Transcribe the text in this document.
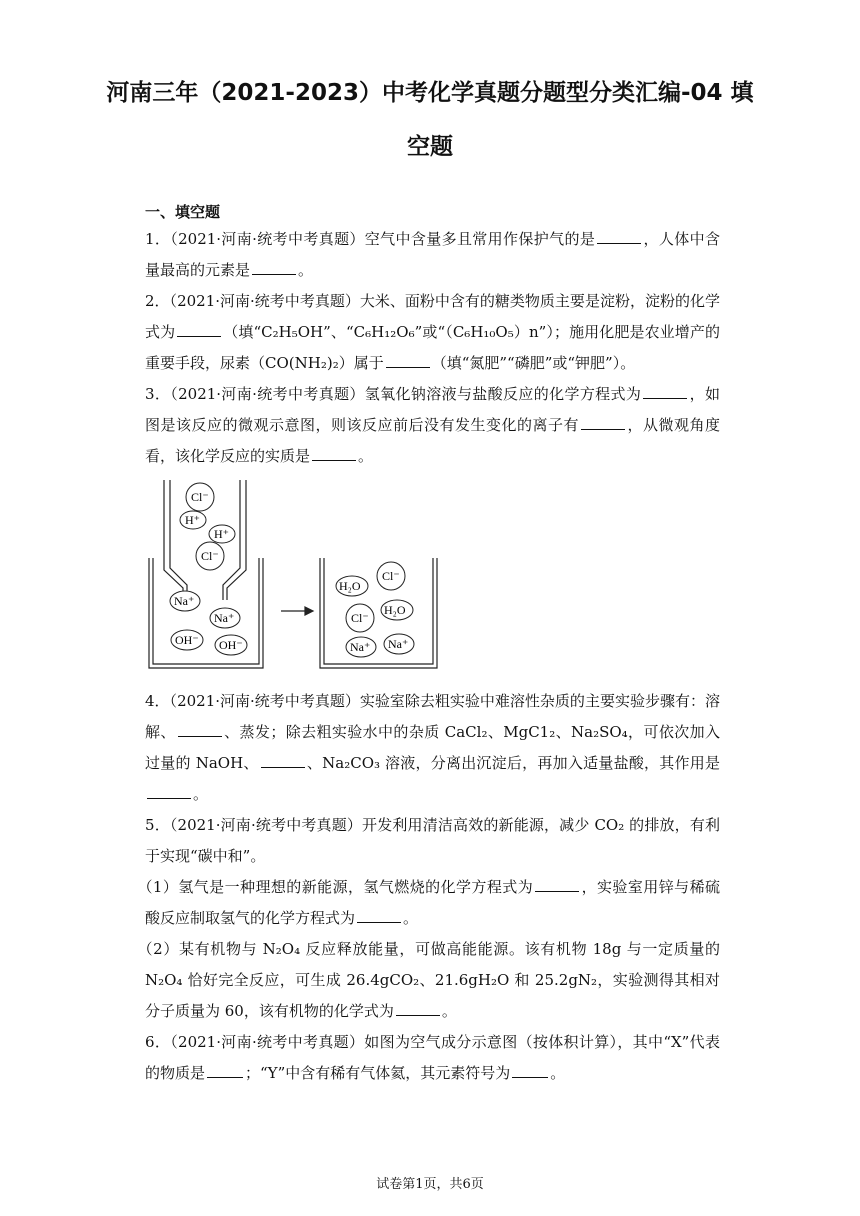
河南三年（2021-2023）中考化学真题分题型分类汇编-04 填
空题
一、填空题

1．（2021·河南·统考中考真题）空气中含量多且常用作保护气的是	，人体中含量最高的元素是	。

2．（2021·河南·统考中考真题）大米、面粉中含有的糖类物质主要是淀粉，淀粉的化学式为	（填“C₂H₅OH”、“C₆H₁₂O₆”或“（C₆H₁₀O₅）n”）；施用化肥是农业增产的重要手段，尿素（CO(NH₂)₂）属于	（填“氮肥”“磷肥”或“钾肥”）。

3．（2021·河南·统考中考真题）氢氧化钠溶液与盐酸反应的化学方程式为	，如图是该反应的微观示意图，则该反应前后没有发生变化的离子有	，从微观角度看，该化学反应的实质是	。

Cl⁻
H⁺
H⁺
Cl⁻
Na⁺
Na⁺
OH⁻ OH⁻
H₂O
Cl⁻
Cl⁻
H₂O
Na⁺ Na⁺

4．（2021·河南·统考中考真题）实验室除去粗实验中难溶性杂质的主要实验步骤有：溶解、	、蒸发；除去粗实验水中的杂质 CaCl₂、MgC1₂、Na₂SO₄，可依次加入过量的 NaOH、	、Na₂CO₃ 溶液，分离出沉淀后，再加入适量盐酸，其作用是。

5．（2021·河南·统考中考真题）开发利用清洁高效的新能源，减少 CO₂ 的排放，有利于实现“碳中和”。

（1）氢气是一种理想的新能源，氢气燃烧的化学方程式为	，实验室用锌与稀硫酸反应制取氢气的化学方程式为	。

（2）某有机物与 N₂O₄ 反应释放能量，可做高能能源。该有机物 18g 与一定质量的 N₂O₄ 恰好完全反应，可生成 26.4gCO₂、21.6gH₂O 和 25.2gN₂，实验测得其相对分子质量为 60，该有机物的化学式为	。

6．（2021·河南·统考中考真题）如图为空气成分示意图（按体积计算），其中“X”代表的物质是	；“Y”中含有稀有气体氦，其元素符号为	。

试卷第1页，共6页
